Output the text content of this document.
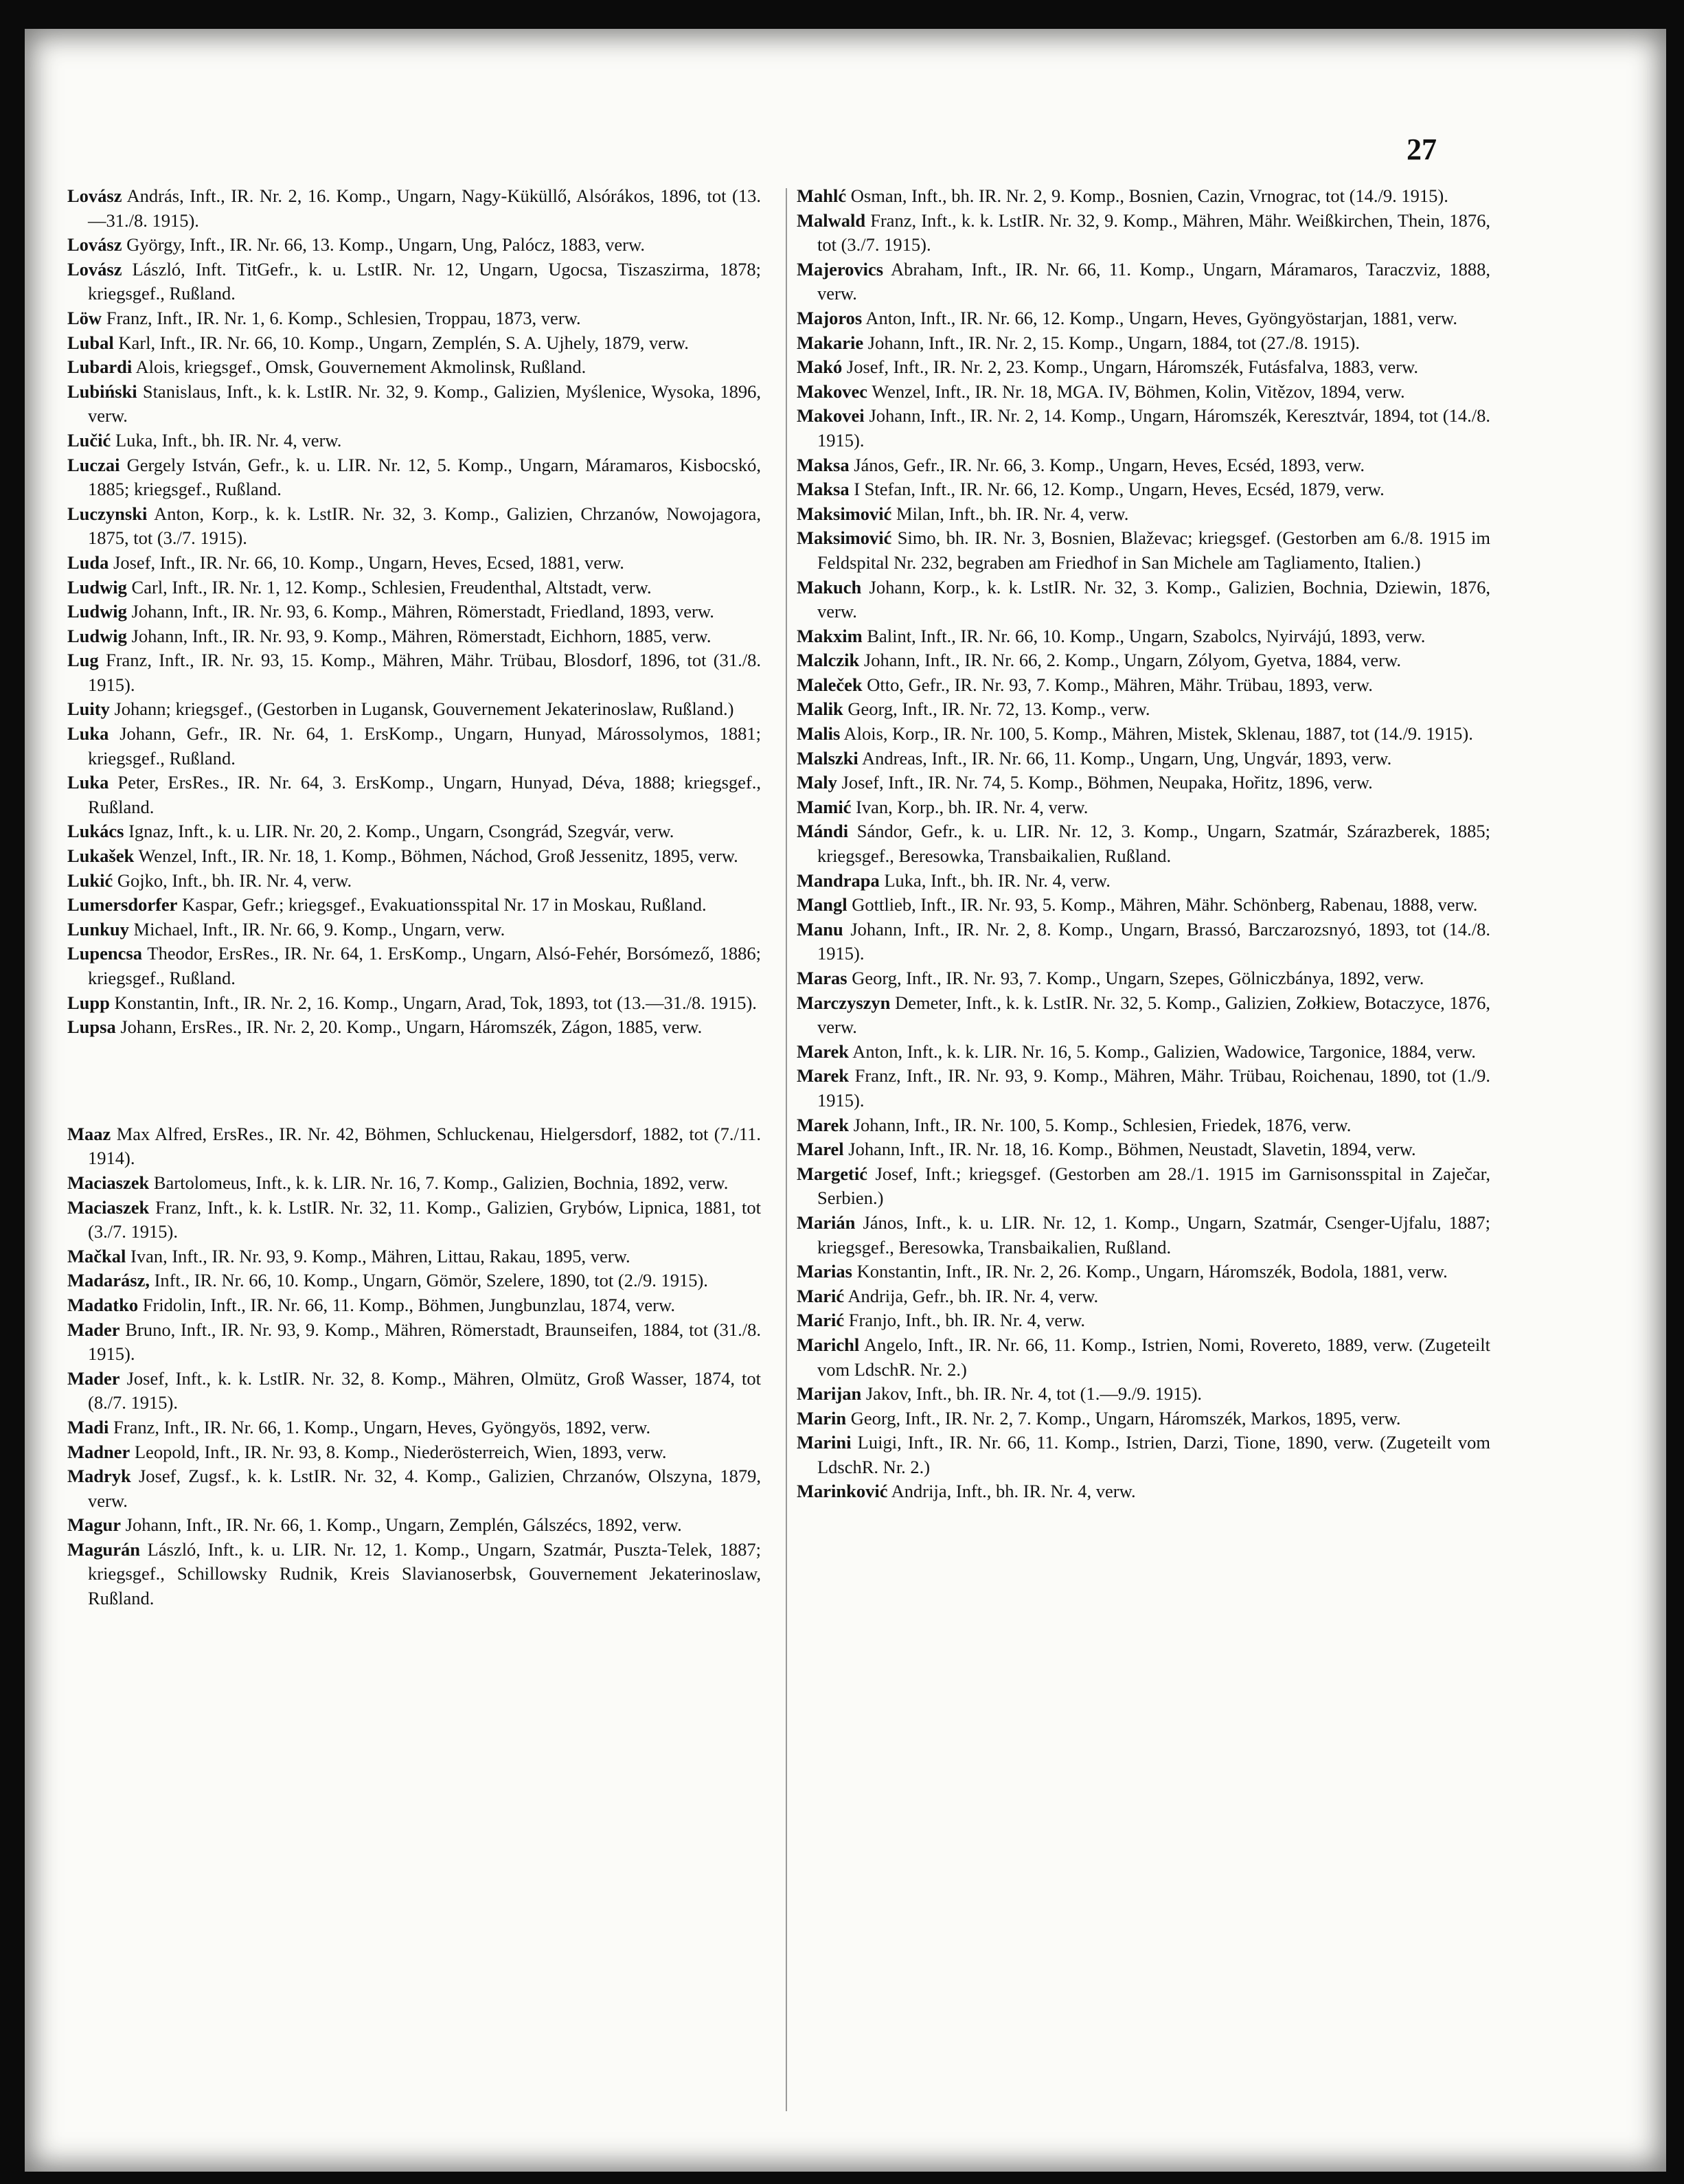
27

Lovász András, Inft., IR. Nr. 2, 16. Komp., Ungarn, Nagy-Küküllő, Alsórákos, 1896, tot (13.—31./8. 1915).

Lovász György, Inft., IR. Nr. 66, 13. Komp., Ungarn, Ung, Palócz, 1883, verw.

Lovász László, Inft. TitGefr., k. u. LstIR. Nr. 12, Ungarn, Ugocsa, Tiszaszirma, 1878; kriegsgef., Rußland.

Löw Franz, Inft., IR. Nr. 1, 6. Komp., Schlesien, Troppau, 1873, verw.

Lubal Karl, Inft., IR. Nr. 66, 10. Komp., Ungarn, Zemplén, S. A. Ujhely, 1879, verw.

Lubardi Alois, kriegsgef., Omsk, Gouvernement Akmolinsk, Rußland.

Lubiński Stanislaus, Inft., k. k. LstIR. Nr. 32, 9. Komp., Galizien, Myślenice, Wysoka, 1896, verw.

Lučić Luka, Inft., bh. IR. Nr. 4, verw.

Luczai Gergely István, Gefr., k. u. LIR. Nr. 12, 5. Komp., Ungarn, Máramaros, Kisbocskó, 1885; kriegsgef., Rußland.

Luczynski Anton, Korp., k. k. LstIR. Nr. 32, 3. Komp., Galizien, Chrzanów, Nowojagora, 1875, tot (3./7. 1915).

Luda Josef, Inft., IR. Nr. 66, 10. Komp., Ungarn, Heves, Ecsed, 1881, verw.

Ludwig Carl, Inft., IR. Nr. 1, 12. Komp., Schlesien, Freudenthal, Altstadt, verw.

Ludwig Johann, Inft., IR. Nr. 93, 6. Komp., Mähren, Römerstadt, Friedland, 1893, verw.

Ludwig Johann, Inft., IR. Nr. 93, 9. Komp., Mähren, Römerstadt, Eichhorn, 1885, verw.

Lug Franz, Inft., IR. Nr. 93, 15. Komp., Mähren, Mähr. Trübau, Blosdorf, 1896, tot (31./8. 1915).

Luity Johann; kriegsgef., (Gestorben in Lugansk, Gouvernement Jekaterinoslaw, Rußland.)

Luka Johann, Gefr., IR. Nr. 64, 1. ErsKomp., Ungarn, Hunyad, Márossolymos, 1881; kriegsgef., Rußland.

Luka Peter, ErsRes., IR. Nr. 64, 3. ErsKomp., Ungarn, Hunyad, Déva, 1888; kriegsgef., Rußland.

Lukács Ignaz, Inft., k. u. LIR. Nr. 20, 2. Komp., Ungarn, Csongrád, Szegvár, verw.

Lukašek Wenzel, Inft., IR. Nr. 18, 1. Komp., Böhmen, Náchod, Groß Jessenitz, 1895, verw.

Lukić Gojko, Inft., bh. IR. Nr. 4, verw.

Lumersdorfer Kaspar, Gefr.; kriegsgef., Evakuationsspital Nr. 17 in Moskau, Rußland.

Lunkuy Michael, Inft., IR. Nr. 66, 9. Komp., Ungarn, verw.

Lupencsa Theodor, ErsRes., IR. Nr. 64, 1. ErsKomp., Ungarn, Alsó-Fehér, Borsómező, 1886; kriegsgef., Rußland.

Lupp Konstantin, Inft., IR. Nr. 2, 16. Komp., Ungarn, Arad, Tok, 1893, tot (13.—31./8. 1915).

Lupsa Johann, ErsRes., IR. Nr. 2, 20. Komp., Ungarn, Háromszék, Zágon, 1885, verw.

Maaz Max Alfred, ErsRes., IR. Nr. 42, Böhmen, Schluckenau, Hielgersdorf, 1882, tot (7./11. 1914).

Maciaszek Bartolomeus, Inft., k. k. LIR. Nr. 16, 7. Komp., Galizien, Bochnia, 1892, verw.

Maciaszek Franz, Inft., k. k. LstIR. Nr. 32, 11. Komp., Galizien, Grybów, Lipnica, 1881, tot (3./7. 1915).

Mačkal Ivan, Inft., IR. Nr. 93, 9. Komp., Mähren, Littau, Rakau, 1895, verw.

Madarász, Inft., IR. Nr. 66, 10. Komp., Ungarn, Gömör, Szelere, 1890, tot (2./9. 1915).

Madatko Fridolin, Inft., IR. Nr. 66, 11. Komp., Böhmen, Jungbunzlau, 1874, verw.

Mader Bruno, Inft., IR. Nr. 93, 9. Komp., Mähren, Römerstadt, Braunseifen, 1884, tot (31./8. 1915).

Mader Josef, Inft., k. k. LstIR. Nr. 32, 8. Komp., Mähren, Olmütz, Groß Wasser, 1874, tot (8./7. 1915).

Madi Franz, Inft., IR. Nr. 66, 1. Komp., Ungarn, Heves, Gyöngyös, 1892, verw.

Madner Leopold, Inft., IR. Nr. 93, 8. Komp., Niederösterreich, Wien, 1893, verw.

Madryk Josef, Zugsf., k. k. LstIR. Nr. 32, 4. Komp., Galizien, Chrzanów, Olszyna, 1879, verw.

Magur Johann, Inft., IR. Nr. 66, 1. Komp., Ungarn, Zemplén, Gálszécs, 1892, verw.

Magurán László, Inft., k. u. LIR. Nr. 12, 1. Komp., Ungarn, Szatmár, Puszta-Telek, 1887; kriegsgef., Schillowsky Rudnik, Kreis Slavianoserbsk, Gouvernement Jekaterinoslaw, Rußland.

Mahlć Osman, Inft., bh. IR. Nr. 2, 9. Komp., Bosnien, Cazin, Vrnograc, tot (14./9. 1915).

Malwald Franz, Inft., k. k. LstIR. Nr. 32, 9. Komp., Mähren, Mähr. Weißkirchen, Thein, 1876, tot (3./7. 1915).

Majerovics Abraham, Inft., IR. Nr. 66, 11. Komp., Ungarn, Máramaros, Taraczviz, 1888, verw.

Majoros Anton, Inft., IR. Nr. 66, 12. Komp., Ungarn, Heves, Gyöngyöstarjan, 1881, verw.

Makarie Johann, Inft., IR. Nr. 2, 15. Komp., Ungarn, 1884, tot (27./8. 1915).

Makó Josef, Inft., IR. Nr. 2, 23. Komp., Ungarn, Háromszék, Futásfalva, 1883, verw.

Makovec Wenzel, Inft., IR. Nr. 18, MGA. IV, Böhmen, Kolin, Vitězov, 1894, verw.

Makovei Johann, Inft., IR. Nr. 2, 14. Komp., Ungarn, Háromszék, Keresztvár, 1894, tot (14./8. 1915).

Maksa János, Gefr., IR. Nr. 66, 3. Komp., Ungarn, Heves, Ecséd, 1893, verw.

Maksa I Stefan, Inft., IR. Nr. 66, 12. Komp., Ungarn, Heves, Ecséd, 1879, verw.

Maksimović Milan, Inft., bh. IR. Nr. 4, verw.

Maksimović Simo, bh. IR. Nr. 3, Bosnien, Blaževac; kriegsgef. (Gestorben am 6./8. 1915 im Feldspital Nr. 232, begraben am Friedhof in San Michele am Tagliamento, Italien.)

Makuch Johann, Korp., k. k. LstIR. Nr. 32, 3. Komp., Galizien, Bochnia, Dziewin, 1876, verw.

Makxim Balint, Inft., IR. Nr. 66, 10. Komp., Ungarn, Szabolcs, Nyirvájú, 1893, verw.

Malczik Johann, Inft., IR. Nr. 66, 2. Komp., Ungarn, Zólyom, Gyetva, 1884, verw.

Maleček Otto, Gefr., IR. Nr. 93, 7. Komp., Mähren, Mähr. Trübau, 1893, verw.

Malik Georg, Inft., IR. Nr. 72, 13. Komp., verw.

Malis Alois, Korp., IR. Nr. 100, 5. Komp., Mähren, Mistek, Sklenau, 1887, tot (14./9. 1915).

Malszki Andreas, Inft., IR. Nr. 66, 11. Komp., Ungarn, Ung, Ungvár, 1893, verw.

Maly Josef, Inft., IR. Nr. 74, 5. Komp., Böhmen, Neupaka, Hořitz, 1896, verw.

Mamić Ivan, Korp., bh. IR. Nr. 4, verw.

Mándi Sándor, Gefr., k. u. LIR. Nr. 12, 3. Komp., Ungarn, Szatmár, Szárazberek, 1885; kriegsgef., Beresowka, Transbaikalien, Rußland.

Mandrapa Luka, Inft., bh. IR. Nr. 4, verw.

Mangl Gottlieb, Inft., IR. Nr. 93, 5. Komp., Mähren, Mähr. Schönberg, Rabenau, 1888, verw.

Manu Johann, Inft., IR. Nr. 2, 8. Komp., Ungarn, Brassó, Barczarozsnyó, 1893, tot (14./8. 1915).

Maras Georg, Inft., IR. Nr. 93, 7. Komp., Ungarn, Szepes, Gölniczbánya, 1892, verw.

Marczyszyn Demeter, Inft., k. k. LstIR. Nr. 32, 5. Komp., Galizien, Zołkiew, Botaczyce, 1876, verw.

Marek Anton, Inft., k. k. LIR. Nr. 16, 5. Komp., Galizien, Wadowice, Targonice, 1884, verw.

Marek Franz, Inft., IR. Nr. 93, 9. Komp., Mähren, Mähr. Trübau, Roichenau, 1890, tot (1./9. 1915).

Marek Johann, Inft., IR. Nr. 100, 5. Komp., Schlesien, Friedek, 1876, verw.

Marel Johann, Inft., IR. Nr. 18, 16. Komp., Böhmen, Neustadt, Slavetin, 1894, verw.

Margetić Josef, Inft.; kriegsgef. (Gestorben am 28./1. 1915 im Garnisonsspital in Zaječar, Serbien.)

Marián János, Inft., k. u. LIR. Nr. 12, 1. Komp., Ungarn, Szatmár, Csenger-Ujfalu, 1887; kriegsgef., Beresowka, Transbaikalien, Rußland.

Marias Konstantin, Inft., IR. Nr. 2, 26. Komp., Ungarn, Háromszék, Bodola, 1881, verw.

Marić Andrija, Gefr., bh. IR. Nr. 4, verw.

Marić Franjo, Inft., bh. IR. Nr. 4, verw.

Marichl Angelo, Inft., IR. Nr. 66, 11. Komp., Istrien, Nomi, Rovereto, 1889, verw. (Zugeteilt vom LdschR. Nr. 2.)

Marijan Jakov, Inft., bh. IR. Nr. 4, tot (1.—9./9. 1915).

Marin Georg, Inft., IR. Nr. 2, 7. Komp., Ungarn, Háromszék, Markos, 1895, verw.

Marini Luigi, Inft., IR. Nr. 66, 11. Komp., Istrien, Darzi, Tione, 1890, verw. (Zugeteilt vom LdschR. Nr. 2.)

Marinković Andrija, Inft., bh. IR. Nr. 4, verw.
